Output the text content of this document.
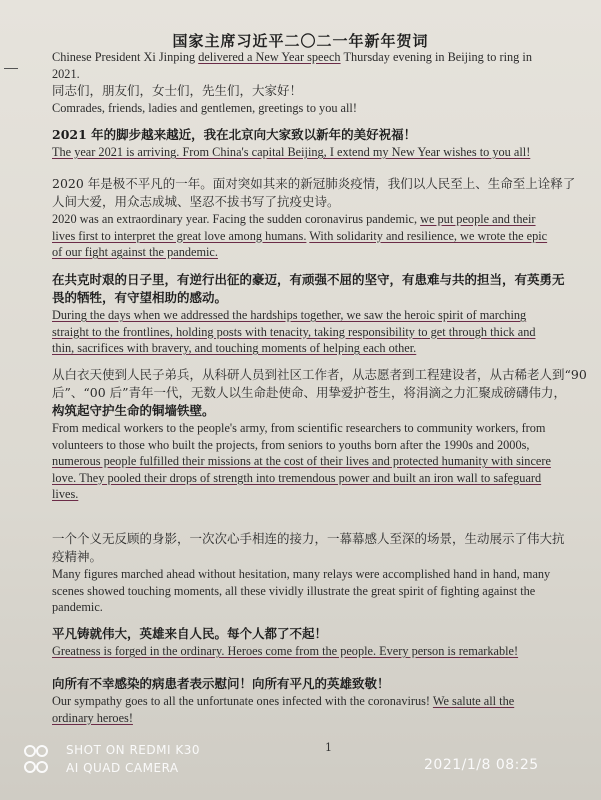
国家主席习近平二〇二一年新年贺词
Chinese President Xi Jinping delivered a New Year speech Thursday evening in Beijing to ring in
2021.
同志们，朋友们，女士们，先生们，大家好！
Comrades, friends, ladies and gentlemen, greetings to you all!
2021 年的脚步越来越近，我在北京向大家致以新年的美好祝福！
The year 2021 is arriving. From China's capital Beijing, I extend my New Year wishes to you all!
2020 年是极不平凡的一年。面对突如其来的新冠肺炎疫情，我们以人民至上、生命至上诠释了
人间大爱，用众志成城、坚忍不拔书写了抗疫史诗。
2020 was an extraordinary year. Facing the sudden coronavirus pandemic, we put people and their
lives first to interpret the great love among humans. With solidarity and resilience, we wrote the epic
of our fight against the pandemic.
在共克时艰的日子里，有逆行出征的豪迈，有顽强不屈的坚守，有患难与共的担当，有英勇无
畏的牺牲，有守望相助的感动。
During the days when we addressed the hardships together, we saw the heroic spirit of marching
straight to the frontlines, holding posts with tenacity, taking responsibility to get through thick and
thin, sacrifices with bravery, and touching moments of helping each other.
从白衣天使到人民子弟兵，从科研人员到社区工作者，从志愿者到工程建设者，从古稀老人到“90
后”、“00 后”青年一代，无数人以生命赴使命、用挚爱护苍生，将涓滴之力汇聚成磅礴伟力，
构筑起守护生命的铜墙铁壁。
From medical workers to the people's army, from scientific researchers to community workers, from
volunteers to those who built the projects, from seniors to youths born after the 1990s and 2000s,
numerous people fulfilled their missions at the cost of their lives and protected humanity with sincere
love. They pooled their drops of strength into tremendous power and built an iron wall to safeguard
lives.
一个个义无反顾的身影，一次次心手相连的接力，一幕幕感人至深的场景，生动展示了伟大抗
疫精神。
Many figures marched ahead without hesitation, many relays were accomplished hand in hand, many
scenes showed touching moments, all these vividly illustrate the great spirit of fighting against the
pandemic.
平凡铸就伟大，英雄来自人民。每个人都了不起！
Greatness is forged in the ordinary. Heroes come from the people. Every person is remarkable!
向所有不幸感染的病患者表示慰问！向所有平凡的英雄致敬！
Our sympathy goes to all the unfortunate ones infected with the coronavirus! We salute all the
ordinary heroes!
1
SHOT ON REDMI K30
AI QUAD CAMERA	2021/1/8 08:25
